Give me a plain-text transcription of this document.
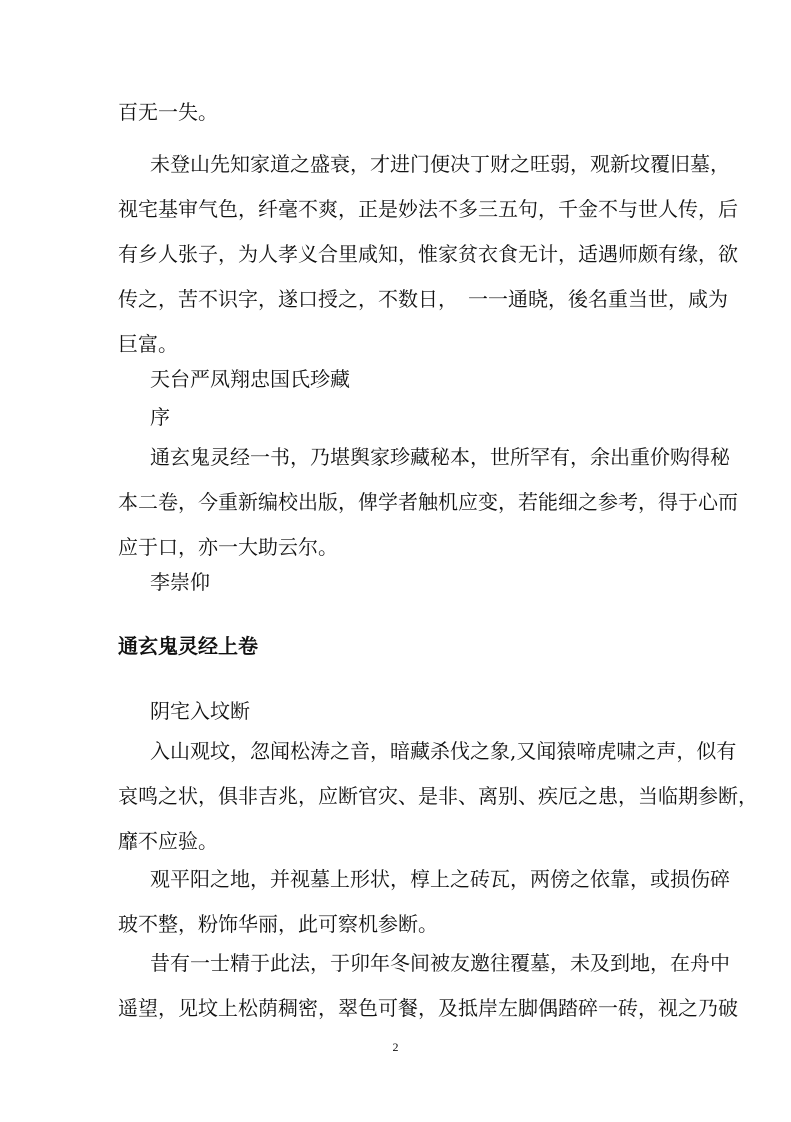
百无一失。

未登山先知家道之盛衰，才进门便决丁财之旺弱，观新坟覆旧墓，

视宅基审气色，纤毫不爽，正是妙法不多三五句，千金不与世人传，后

有乡人张子，为人孝义合里咸知，惟家贫衣食无计，适遇师颇有缘，欲

传之，苦不识字，遂口授之，不数日，　一一通晓，後名重当世，咸为

巨富。

天台严凤翔忠国氏珍藏

序

通玄鬼灵经一书，乃堪舆家珍藏秘本，世所罕有，余出重价购得秘

本二卷，今重新编校出版，俾学者触机应变，若能细之参考，得于心而

应于口，亦一大助云尔。

李崇仰

通玄鬼灵经上卷

阴宅入坟断

入山观坟，忽闻松涛之音，暗藏杀伐之象,又闻猿啼虎啸之声，似有

哀鸣之状，俱非吉兆，应断官灾、是非、离别、疾厄之患，当临期参断，

靡不应验。

观平阳之地，并视墓上形状，椁上之砖瓦，两傍之依靠，或损伤碎

玻不整，粉饰华丽，此可察机参断。

昔有一士精于此法，于卯年冬间被友邀往覆墓，未及到地，在舟中

遥望，见坟上松荫稠密，翠色可餐，及抵岸左脚偶踏碎一砖，视之乃破

2
